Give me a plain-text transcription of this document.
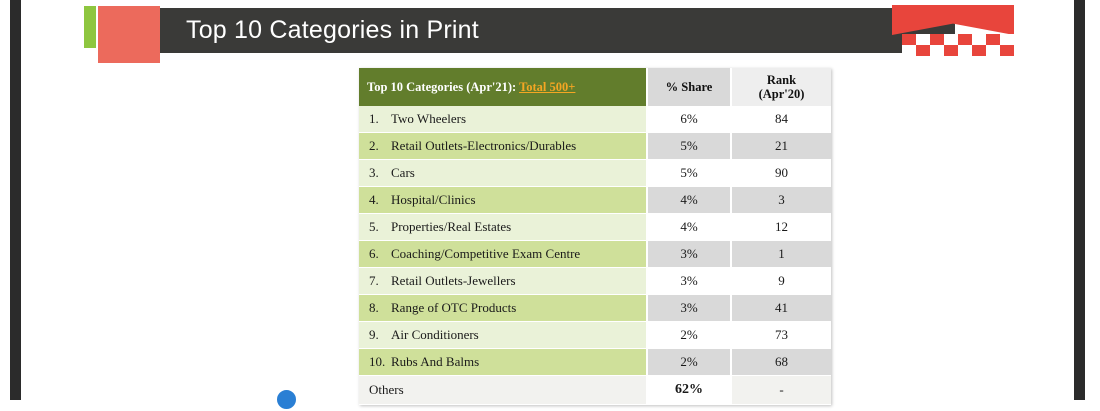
Top 10 Categories in Print
Top 10 Categories (Apr'21): Total 500+	% Share	Rank
(Apr'20)
1. Two Wheelers	6%	84
2. Retail Outlets-Electronics/Durables	5%	21
3. Cars	5%	90
4. Hospital/Clinics	4%	3
5. Properties/Real Estates	4%	12
6. Coaching/Competitive Exam Centre	3%	1
7. Retail Outlets-Jewellers	3%	9
8. Range of OTC Products	3%	41
9. Air Conditioners	2%	73
10. Rubs And Balms	2%	68
Others	62%	-
